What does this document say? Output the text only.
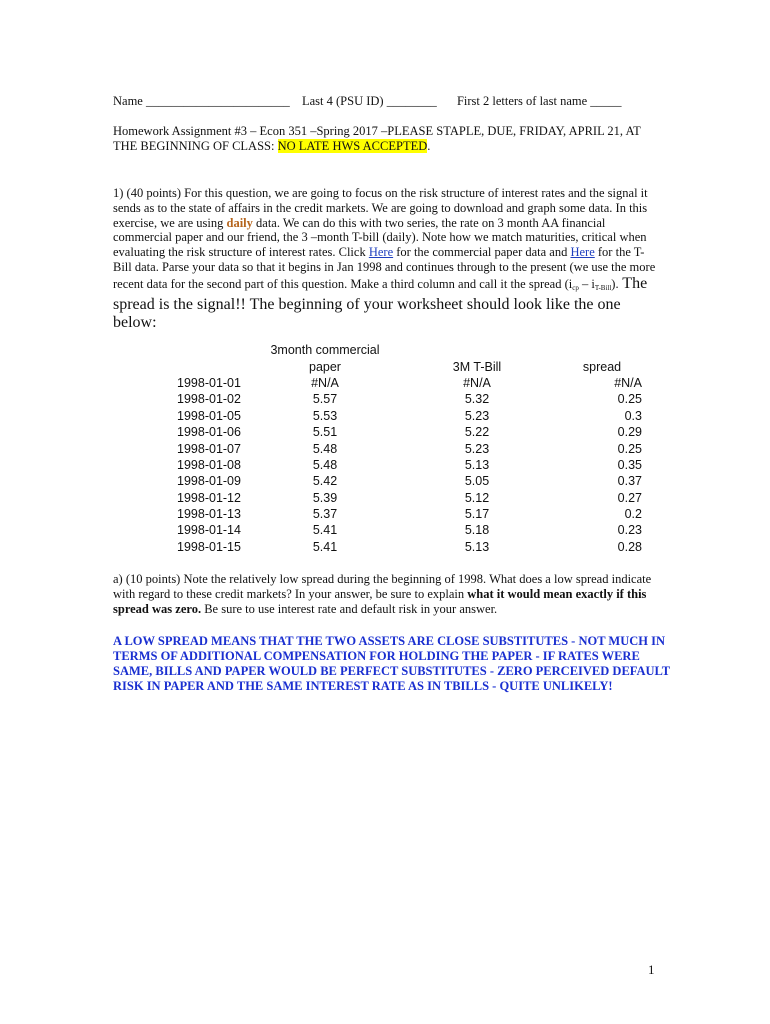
Name _______________________ Last 4 (PSU ID) ________ First 2 letters of last name _____
Homework Assignment #3 – Econ 351 –Spring 2017 –PLEASE STAPLE, DUE, FRIDAY, APRIL 21, AT
THE BEGINNING OF CLASS: NO LATE HWS ACCEPTED.

1) (40 points) For this question, we are going to focus on the risk structure of interest rates and the signal it sends as to the state of affairs in the credit markets. We are going to download and graph some data. In this exercise, we are using daily data. We can do this with two series, the rate on 3 month AA financial commercial paper and our friend, the 3 –month T-bill (daily). Note how we match maturities, critical when evaluating the risk structure of interest rates. Click Here for the commercial paper data and Here for the T-Bill data. Parse your data so that it begins in Jan 1998 and continues through to the present (we use the more recent data for the second part of this question. Make a third column and call it the spread $(i_{cp} - i_{T-Bill})$. The spread is the signal!! The beginning of your worksheet should look like the one below:

	3month commercial		
	paper	3M T-Bill	spread
1998-01-01	#N/A	#N/A	#N/A
1998-01-02	5.57	5.32	0.25
1998-01-05	5.53	5.23	0.3
1998-01-06	5.51	5.22	0.29
1998-01-07	5.48	5.23	0.25
1998-01-08	5.48	5.13	0.35
1998-01-09	5.42	5.05	0.37
1998-01-12	5.39	5.12	0.27
1998-01-13	5.37	5.17	0.2
1998-01-14	5.41	5.18	0.23
1998-01-15	5.41	5.13	0.28

a) (10 points) Note the relatively low spread during the beginning of 1998. What does a low spread indicate with regard to these credit markets? In your answer, be sure to explain what it would mean exactly if this spread was zero. Be sure to use interest rate and default risk in your answer.

A LOW SPREAD MEANS THAT THE TWO ASSETS ARE CLOSE SUBSTITUTES - NOT MUCH IN TERMS OF ADDITIONAL COMPENSATION FOR HOLDING THE PAPER - IF RATES WERE SAME, BILLS AND PAPER WOULD BE PERFECT SUBSTITUTES - ZERO PERCEIVED DEFAULT RISK IN PAPER AND THE SAME INTEREST RATE AS IN TBILLS - QUITE UNLIKELY!
1
